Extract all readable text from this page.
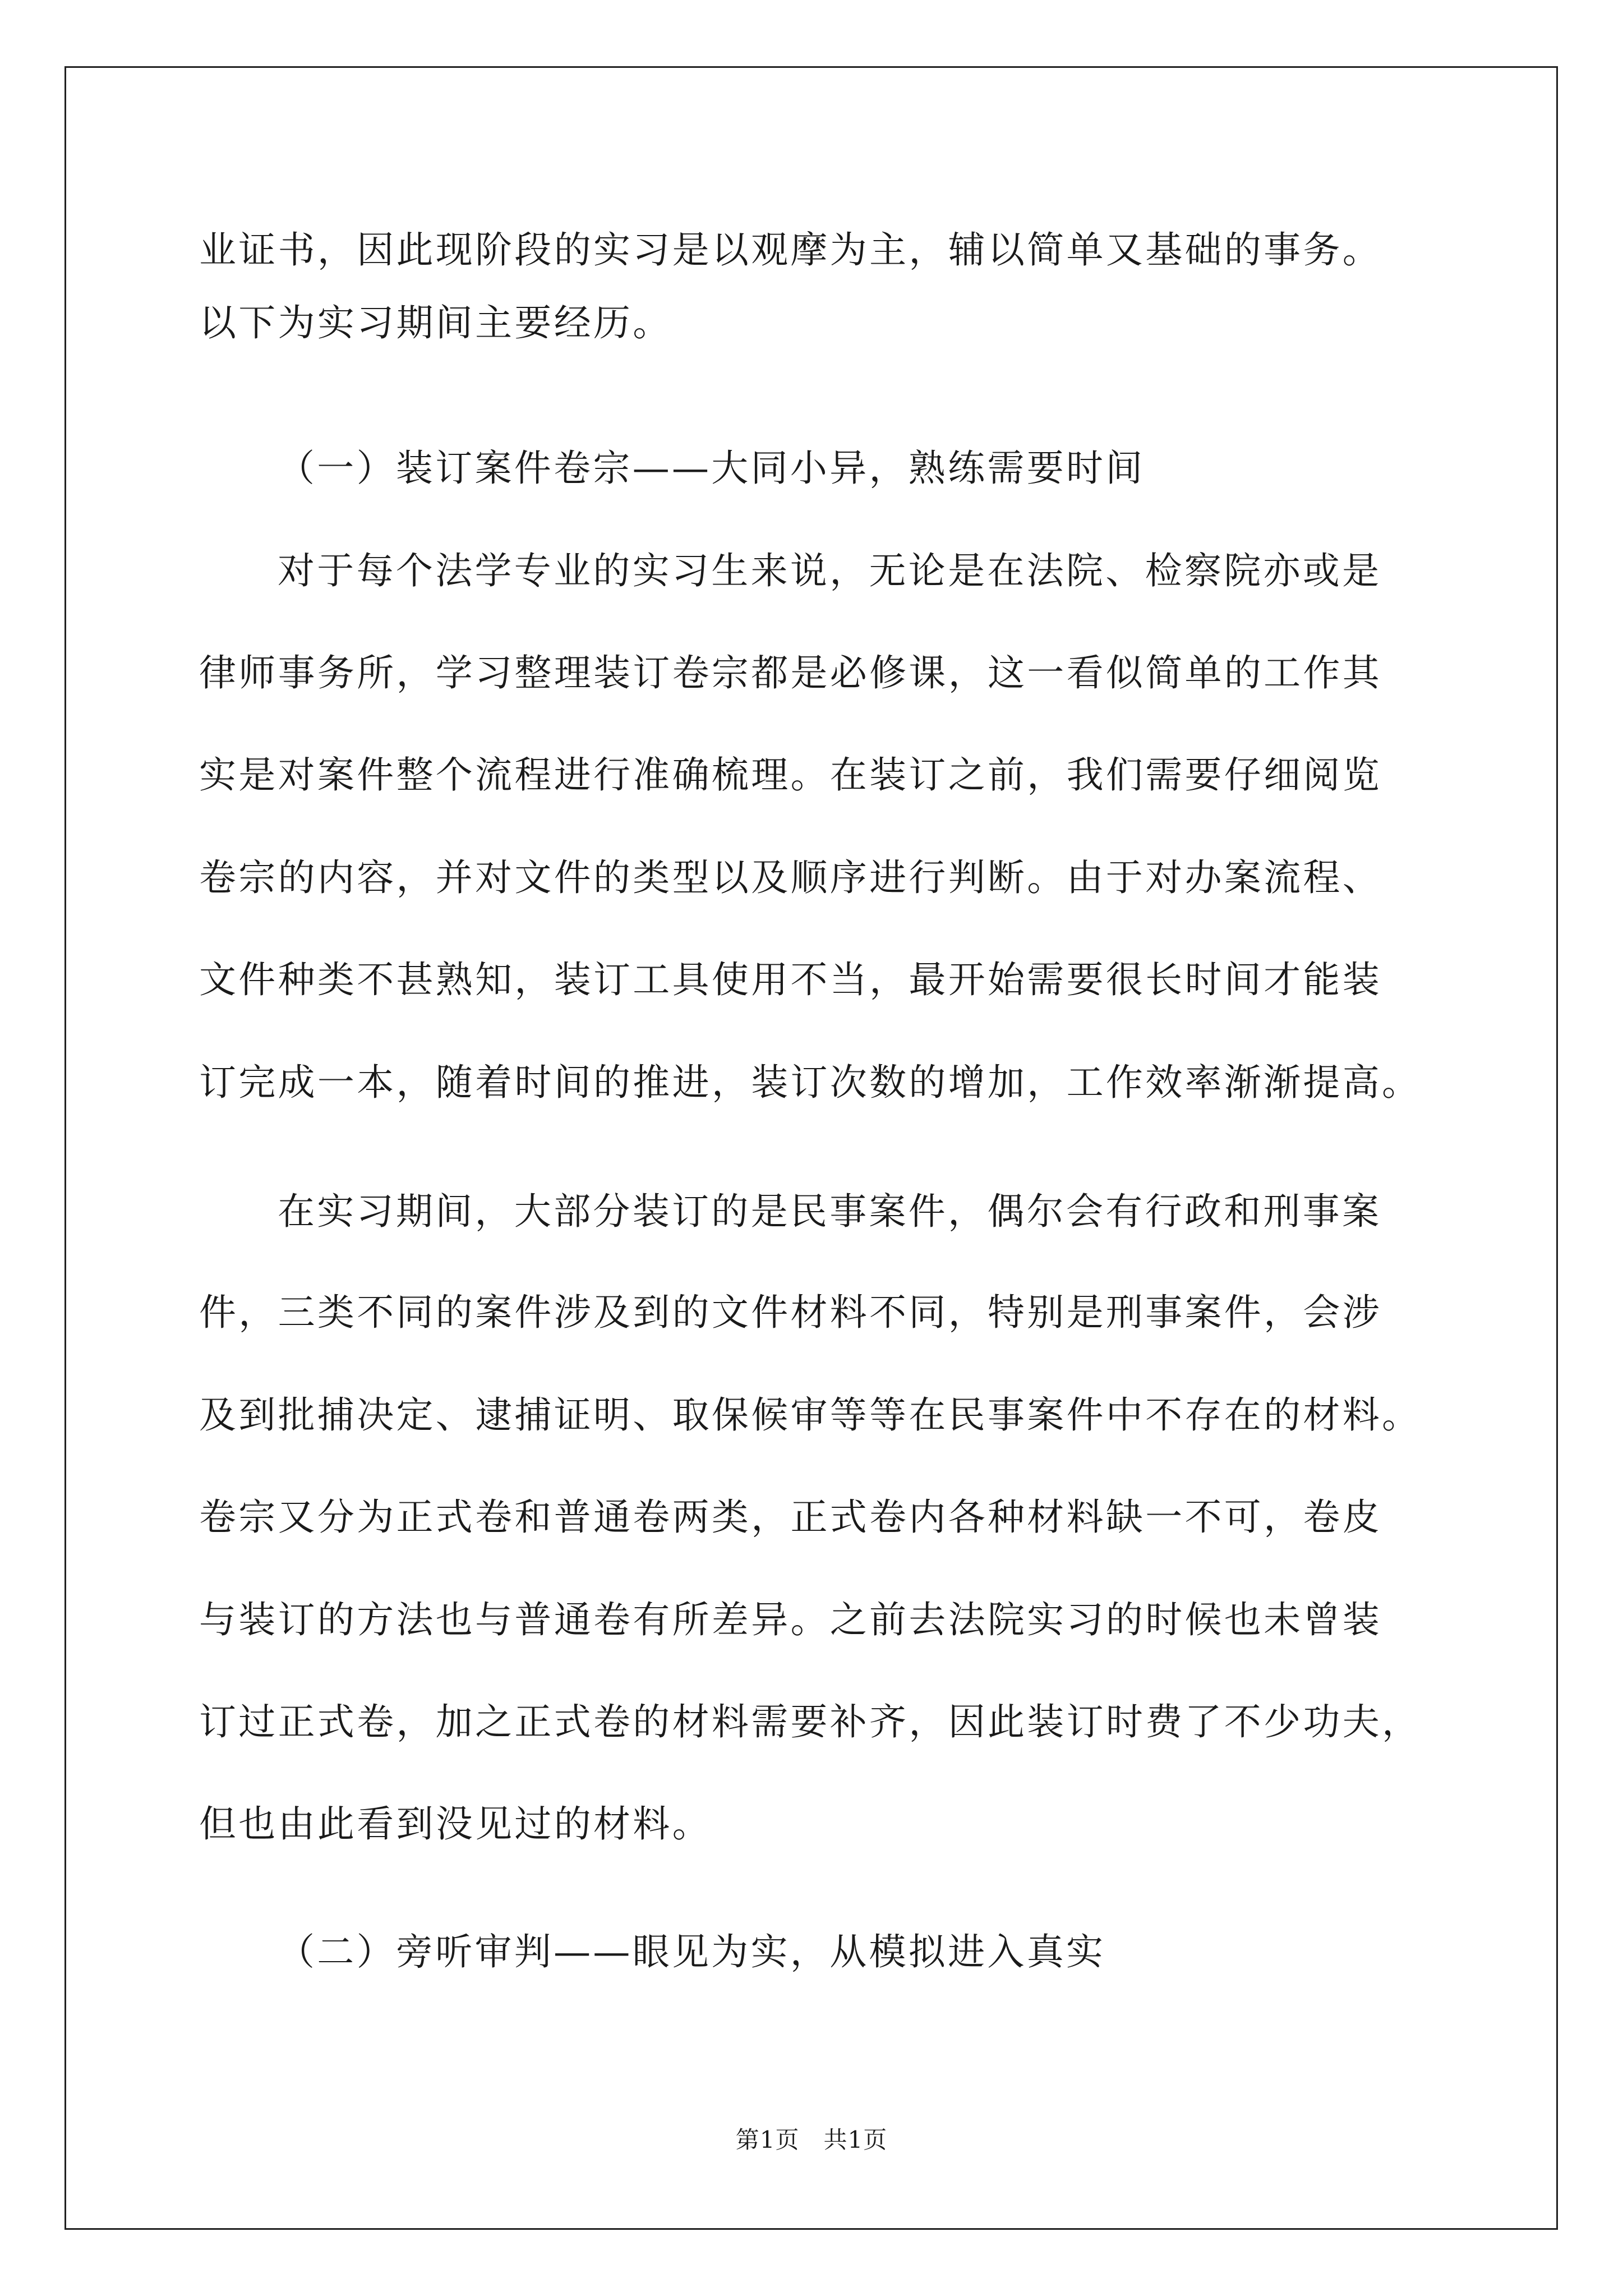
业证书，因此现阶段的实习是以观摩为主，辅以简单又基础的事务。
以下为实习期间主要经历。
（一）装订案件卷宗——大同小异，熟练需要时间
对于每个法学专业的实习生来说，无论是在法院、检察院亦或是
律师事务所，学习整理装订卷宗都是必修课，这一看似简单的工作其
实是对案件整个流程进行准确梳理。在装订之前，我们需要仔细阅览
卷宗的内容，并对文件的类型以及顺序进行判断。由于对办案流程、
文件种类不甚熟知，装订工具使用不当，最开始需要很长时间才能装
订完成一本，随着时间的推进，装订次数的增加，工作效率渐渐提高。
在实习期间，大部分装订的是民事案件，偶尔会有行政和刑事案
件，三类不同的案件涉及到的文件材料不同，特别是刑事案件，会涉
及到批捕决定、逮捕证明、取保候审等等在民事案件中不存在的材料。
卷宗又分为正式卷和普通卷两类，正式卷内各种材料缺一不可，卷皮
与装订的方法也与普通卷有所差异。之前去法院实习的时候也未曾装
订过正式卷，加之正式卷的材料需要补齐，因此装订时费了不少功夫，
但也由此看到没见过的材料。
（二）旁听审判——眼见为实，从模拟进入真实
第1页　共1页
